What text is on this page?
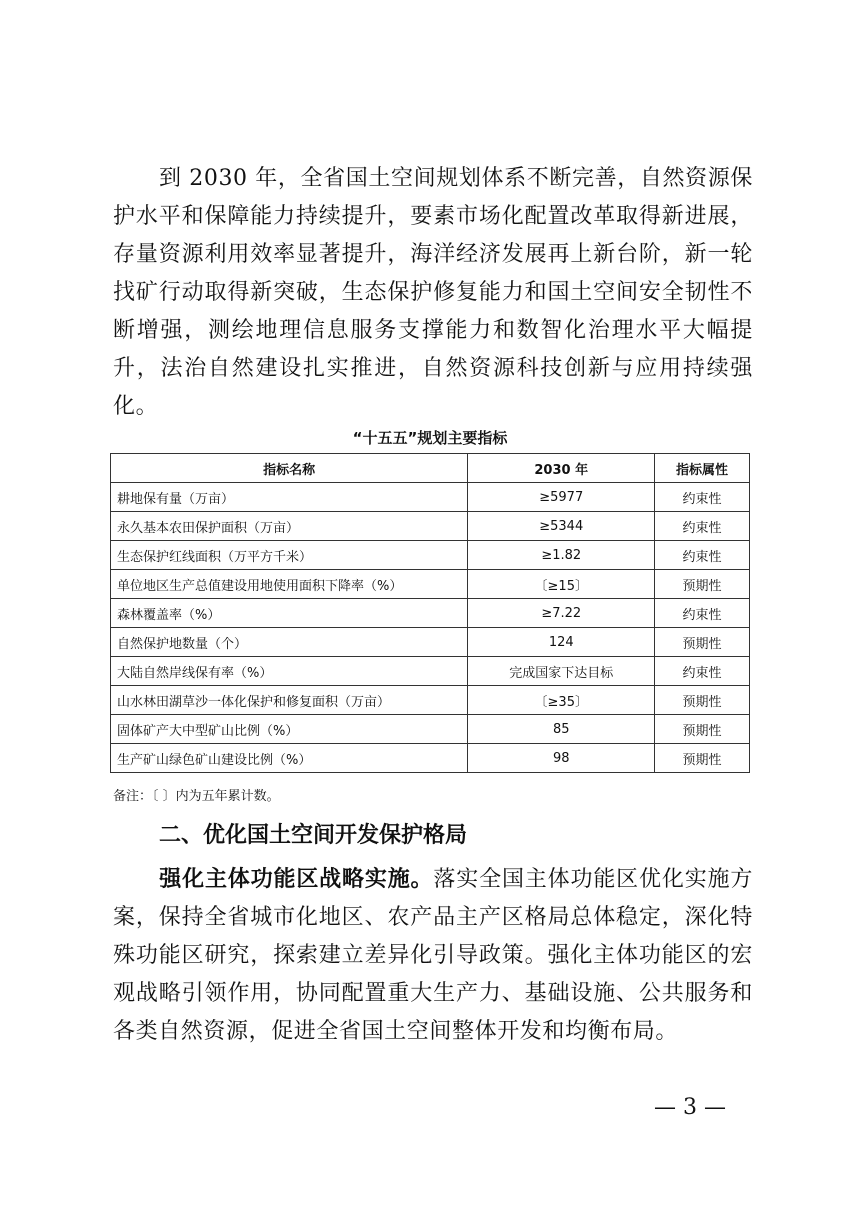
到 2030 年，全省国土空间规划体系不断完善，自然资源保护水平和保障能力持续提升，要素市场化配置改革取得新进展，存量资源利用效率显著提升，海洋经济发展再上新台阶，新一轮找矿行动取得新突破，生态保护修复能力和国土空间安全韧性不断增强，测绘地理信息服务支撑能力和数智化治理水平大幅提升，法治自然建设扎实推进，自然资源科技创新与应用持续强化。

“十五五”规划主要指标
指标名称	2030 年	指标属性
耕地保有量（万亩）	≥5977	约束性
永久基本农田保护面积（万亩）	≥5344	约束性
生态保护红线面积（万平方千米）	≥1.82	约束性
单位地区生产总值建设用地使用面积下降率（%）	〔≥15〕	预期性
森林覆盖率（%）	≥7.22	约束性
自然保护地数量（个）	124	预期性
大陆自然岸线保有率（%）	完成国家下达目标	约束性
山水林田湖草沙一体化保护和修复面积（万亩）	〔≥35〕	预期性
固体矿产大中型矿山比例（%）	85	预期性
生产矿山绿色矿山建设比例（%）	98	预期性
备注：〔 〕内为五年累计数。
二、优化国土空间开发保护格局

强化主体功能区战略实施。落实全国主体功能区优化实施方案，保持全省城市化地区、农产品主产区格局总体稳定，深化特殊功能区研究，探索建立差异化引导政策。强化主体功能区的宏观战略引领作用，协同配置重大生产力、基础设施、公共服务和各类自然资源，促进全省国土空间整体开发和均衡布局。

— 3 —
